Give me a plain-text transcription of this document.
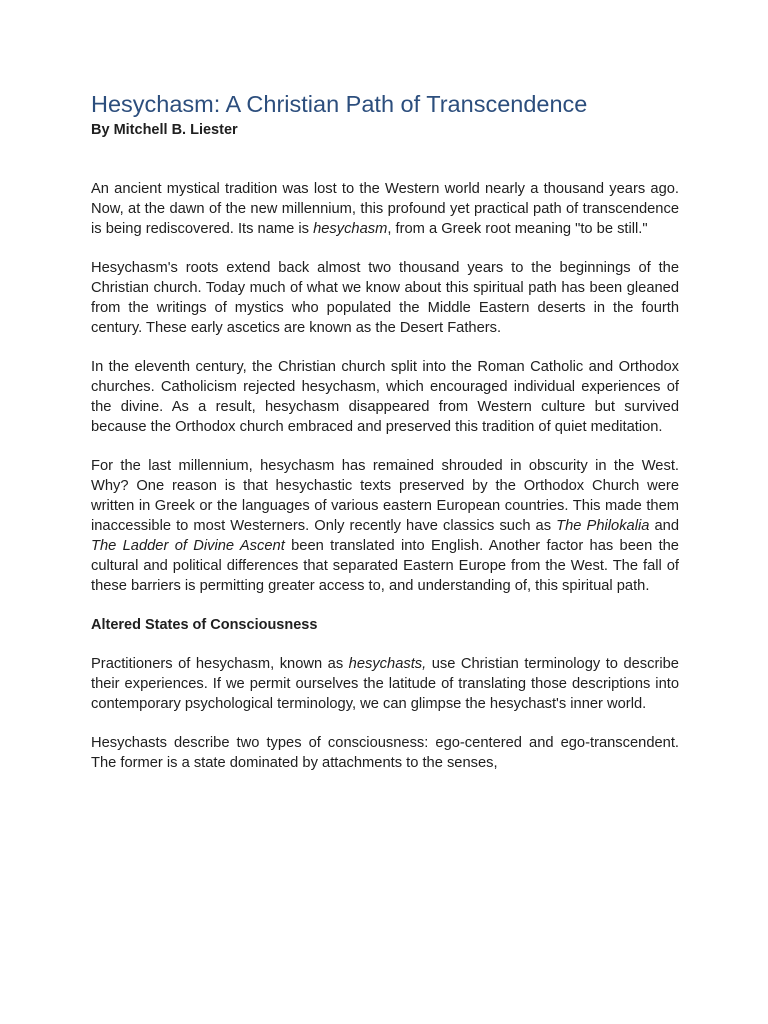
Hesychasm: A Christian Path of Transcendence

By Mitchell B. Liester

An ancient mystical tradition was lost to the Western world nearly a thousand years ago. Now, at the dawn of the new millennium, this profound yet practical path of transcendence is being rediscovered. Its name is hesychasm, from a Greek root meaning "to be still."

Hesychasm's roots extend back almost two thousand years to the beginnings of the Christian church. Today much of what we know about this spiritual path has been gleaned from the writings of mystics who populated the Middle Eastern deserts in the fourth century. These early ascetics are known as the Desert Fathers.

In the eleventh century, the Christian church split into the Roman Catholic and Orthodox churches. Catholicism rejected hesychasm, which encouraged individual experiences of the divine. As a result, hesychasm disappeared from Western culture but survived because the Orthodox church embraced and preserved this tradition of quiet meditation.

For the last millennium, hesychasm has remained shrouded in obscurity in the West. Why? One reason is that hesychastic texts preserved by the Orthodox Church were written in Greek or the languages of various eastern European countries. This made them inaccessible to most Westerners. Only recently have classics such as The Philokalia and The Ladder of Divine Ascent been translated into English. Another factor has been the cultural and political differences that separated Eastern Europe from the West. The fall of these barriers is permitting greater access to, and understanding of, this spiritual path.

Altered States of Consciousness

Practitioners of hesychasm, known as hesychasts, use Christian terminology to describe their experiences. If we permit ourselves the latitude of translating those descriptions into contemporary psychological terminology, we can glimpse the hesychast's inner world.

Hesychasts describe two types of consciousness: ego-centered and ego-transcendent. The former is a state dominated by attachments to the senses,
